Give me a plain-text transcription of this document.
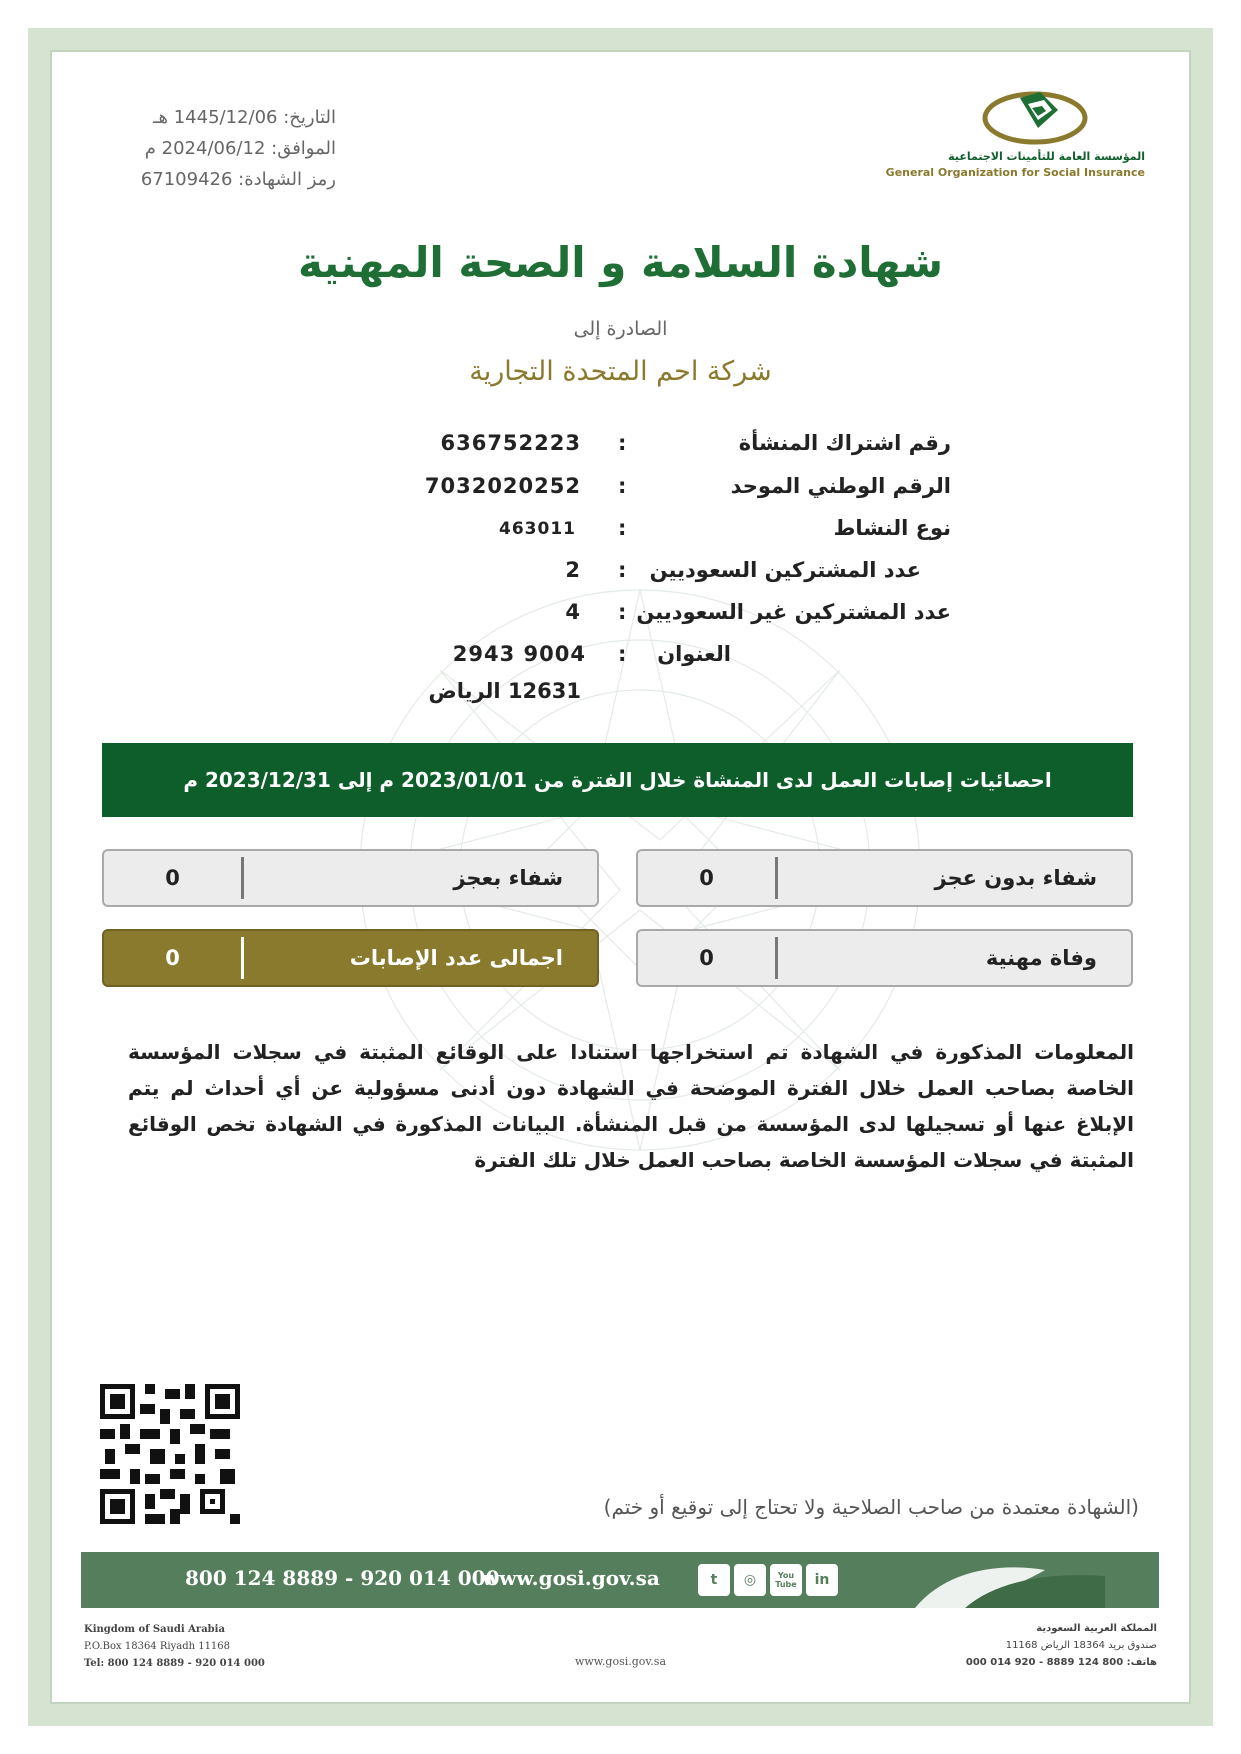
التاريخ: 1445/12/06 هـ
الموافق: 2024/06/12 م
رمز الشهادة: 67109426
المؤسسة العامة للتأمينات الاجتماعية
General Organization for Social Insurance
شهادة السلامة و الصحة المهنية
الصادرة إلى
شركة احم المتحدة التجارية
رقم اشتراك المنشأة
:
636752223
الرقم الوطني الموحد
:
7032020252
نوع النشاط
:
463011
عدد المشتركين السعوديين
:
2
عدد المشتركين غير السعوديين
:
4
العنوان
:
2943 9004
12631 الرياض
احصائيات إصابات العمل لدى المنشاة خلال الفترة من 2023/01/01 م إلى 2023/12/31 م
شفاء بدون عجز
0
شفاء بعجز
0
وفاة مهنية
0
اجمالى عدد الإصابات
0
المعلومات المذكورة في الشهادة تم استخراجها استنادا على الوقائع المثبتة في سجلات المؤسسة الخاصة بصاحب العمل خلال الفترة الموضحة في الشهادة دون أدنى مسؤولية عن أي أحداث لم يتم الإبلاغ عنها أو تسجيلها لدى المؤسسة من قبل المنشأة. البيانات المذكورة في الشهادة تخص الوقائع المثبتة في سجلات المؤسسة الخاصة بصاحب العمل خلال تلك الفترة
(الشهادة معتمدة من صاحب الصلاحية ولا تحتاج إلى توقيع أو ختم)
800 124 8889 - 920 014 000
www.gosi.gov.sa	t	◎	You
Tube	in
Kingdom of Saudi Arabia
P.O.Box 18364 Riyadh 11168
Tel: 800 124 8889 - 920 014 000
المملكة العربية السعودية
صندوق بريد 18364 الرياض 11168
هاتف: 800 124 8889 - 920 014 000
www.gosi.gov.sa
